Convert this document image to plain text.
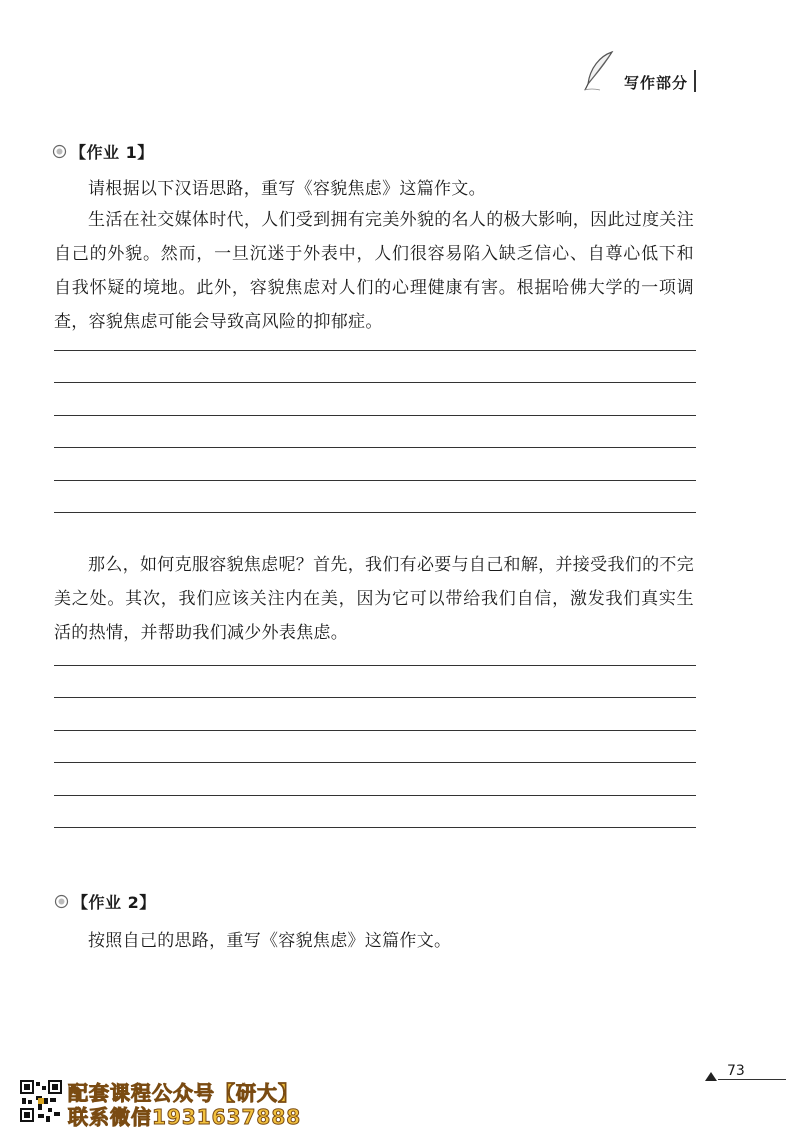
写作部分
【作业 1】
请根据以下汉语思路，重写《容貌焦虑》这篇作文。
生活在社交媒体时代，人们受到拥有完美外貌的名人的极大影响，因此过度关注自己的外貌。然而，一旦沉迷于外表中，人们很容易陷入缺乏信心、自尊心低下和自我怀疑的境地。此外，容貌焦虑对人们的心理健康有害。根据哈佛大学的一项调查，容貌焦虑可能会导致高风险的抑郁症。
那么，如何克服容貌焦虑呢？首先，我们有必要与自己和解，并接受我们的不完美之处。其次，我们应该关注内在美，因为它可以带给我们自信，激发我们真实生活的热情，并帮助我们减少外表焦虑。
【作业 2】
按照自己的思路，重写《容貌焦虑》这篇作文。
73
配套课程公众号【研大】
联系微信1931637888
